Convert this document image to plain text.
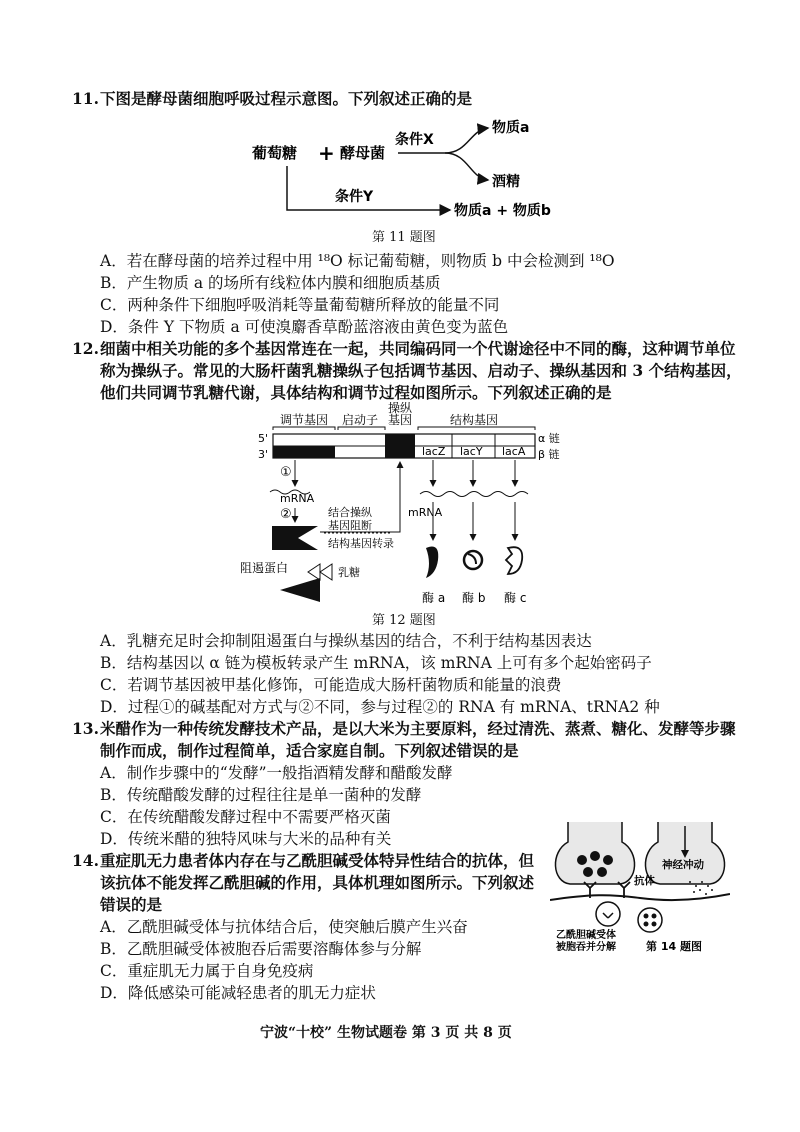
11. 下图是酵母菌细胞呼吸过程示意图。下列叙述正确的是
葡萄糖 + 酵母菌
条件X
物质a
酒精
条件Y
物质a + 物质b
第 11 题图
A．若在酵母菌的培养过程中用 ¹⁸O 标记葡萄糖，则物质 b 中会检测到 ¹⁸O
B．产生物质 a 的场所有线粒体内膜和细胞质基质
C．两种条件下细胞呼吸消耗等量葡萄糖所释放的能量不同
D．条件 Y 下物质 a 可使溴麝香草酚蓝溶液由黄色变为蓝色
12. 细菌中相关功能的多个基因常连在一起，共同编码同一个代谢途径中不同的酶，这种调节单位
称为操纵子。常见的大肠杆菌乳糖操纵子包括调节基因、启动子、操纵基因和 3 个结构基因，
他们共同调节乳糖代谢，具体结构和调节过程如图所示。下列叙述正确的是
调节基因 启动子
操纵
基因	结构基因
5'
3'	lacZ lacY lacA
α 链
β 链
①
mRNA
②	结合操纵
基因阻断
结构基因转录
阻遏蛋白	乳糖
mRNA
酶 a 酶 b 酶 c
第 12 题图
A．乳糖充足时会抑制阻遏蛋白与操纵基因的结合，不利于结构基因表达
B．结构基因以 α 链为模板转录产生 mRNA，该 mRNA 上可有多个起始密码子
C．若调节基因被甲基化修饰，可能造成大肠杆菌物质和能量的浪费
D．过程①的碱基配对方式与②不同，参与过程②的 RNA 有 mRNA、tRNA2 种
13. 米醋作为一种传统发酵技术产品，是以大米为主要原料，经过清洗、蒸煮、糖化、发酵等步骤
制作而成，制作过程简单，适合家庭自制。下列叙述错误的是
A．制作步骤中的“发酵”一般指酒精发酵和醋酸发酵
B．传统醋酸发酵的过程往往是单一菌种的发酵
C．在传统醋酸发酵过程中不需要严格灭菌
D．传统米醋的独特风味与大米的品种有关
14. 重症肌无力患者体内存在与乙酰胆碱受体特异性结合的抗体，但
该抗体不能发挥乙酰胆碱的作用，具体机理如图所示。下列叙述
错误的是
神经冲动
抗体
乙酰胆碱受体
被胞吞并分解	第 14 题图
A．乙酰胆碱受体与抗体结合后，使突触后膜产生兴奋
B．乙酰胆碱受体被胞吞后需要溶酶体参与分解
C．重症肌无力属于自身免疫病
D．降低感染可能减轻患者的肌无力症状
宁波“十校” 生物试题卷 第 3 页 共 8 页
